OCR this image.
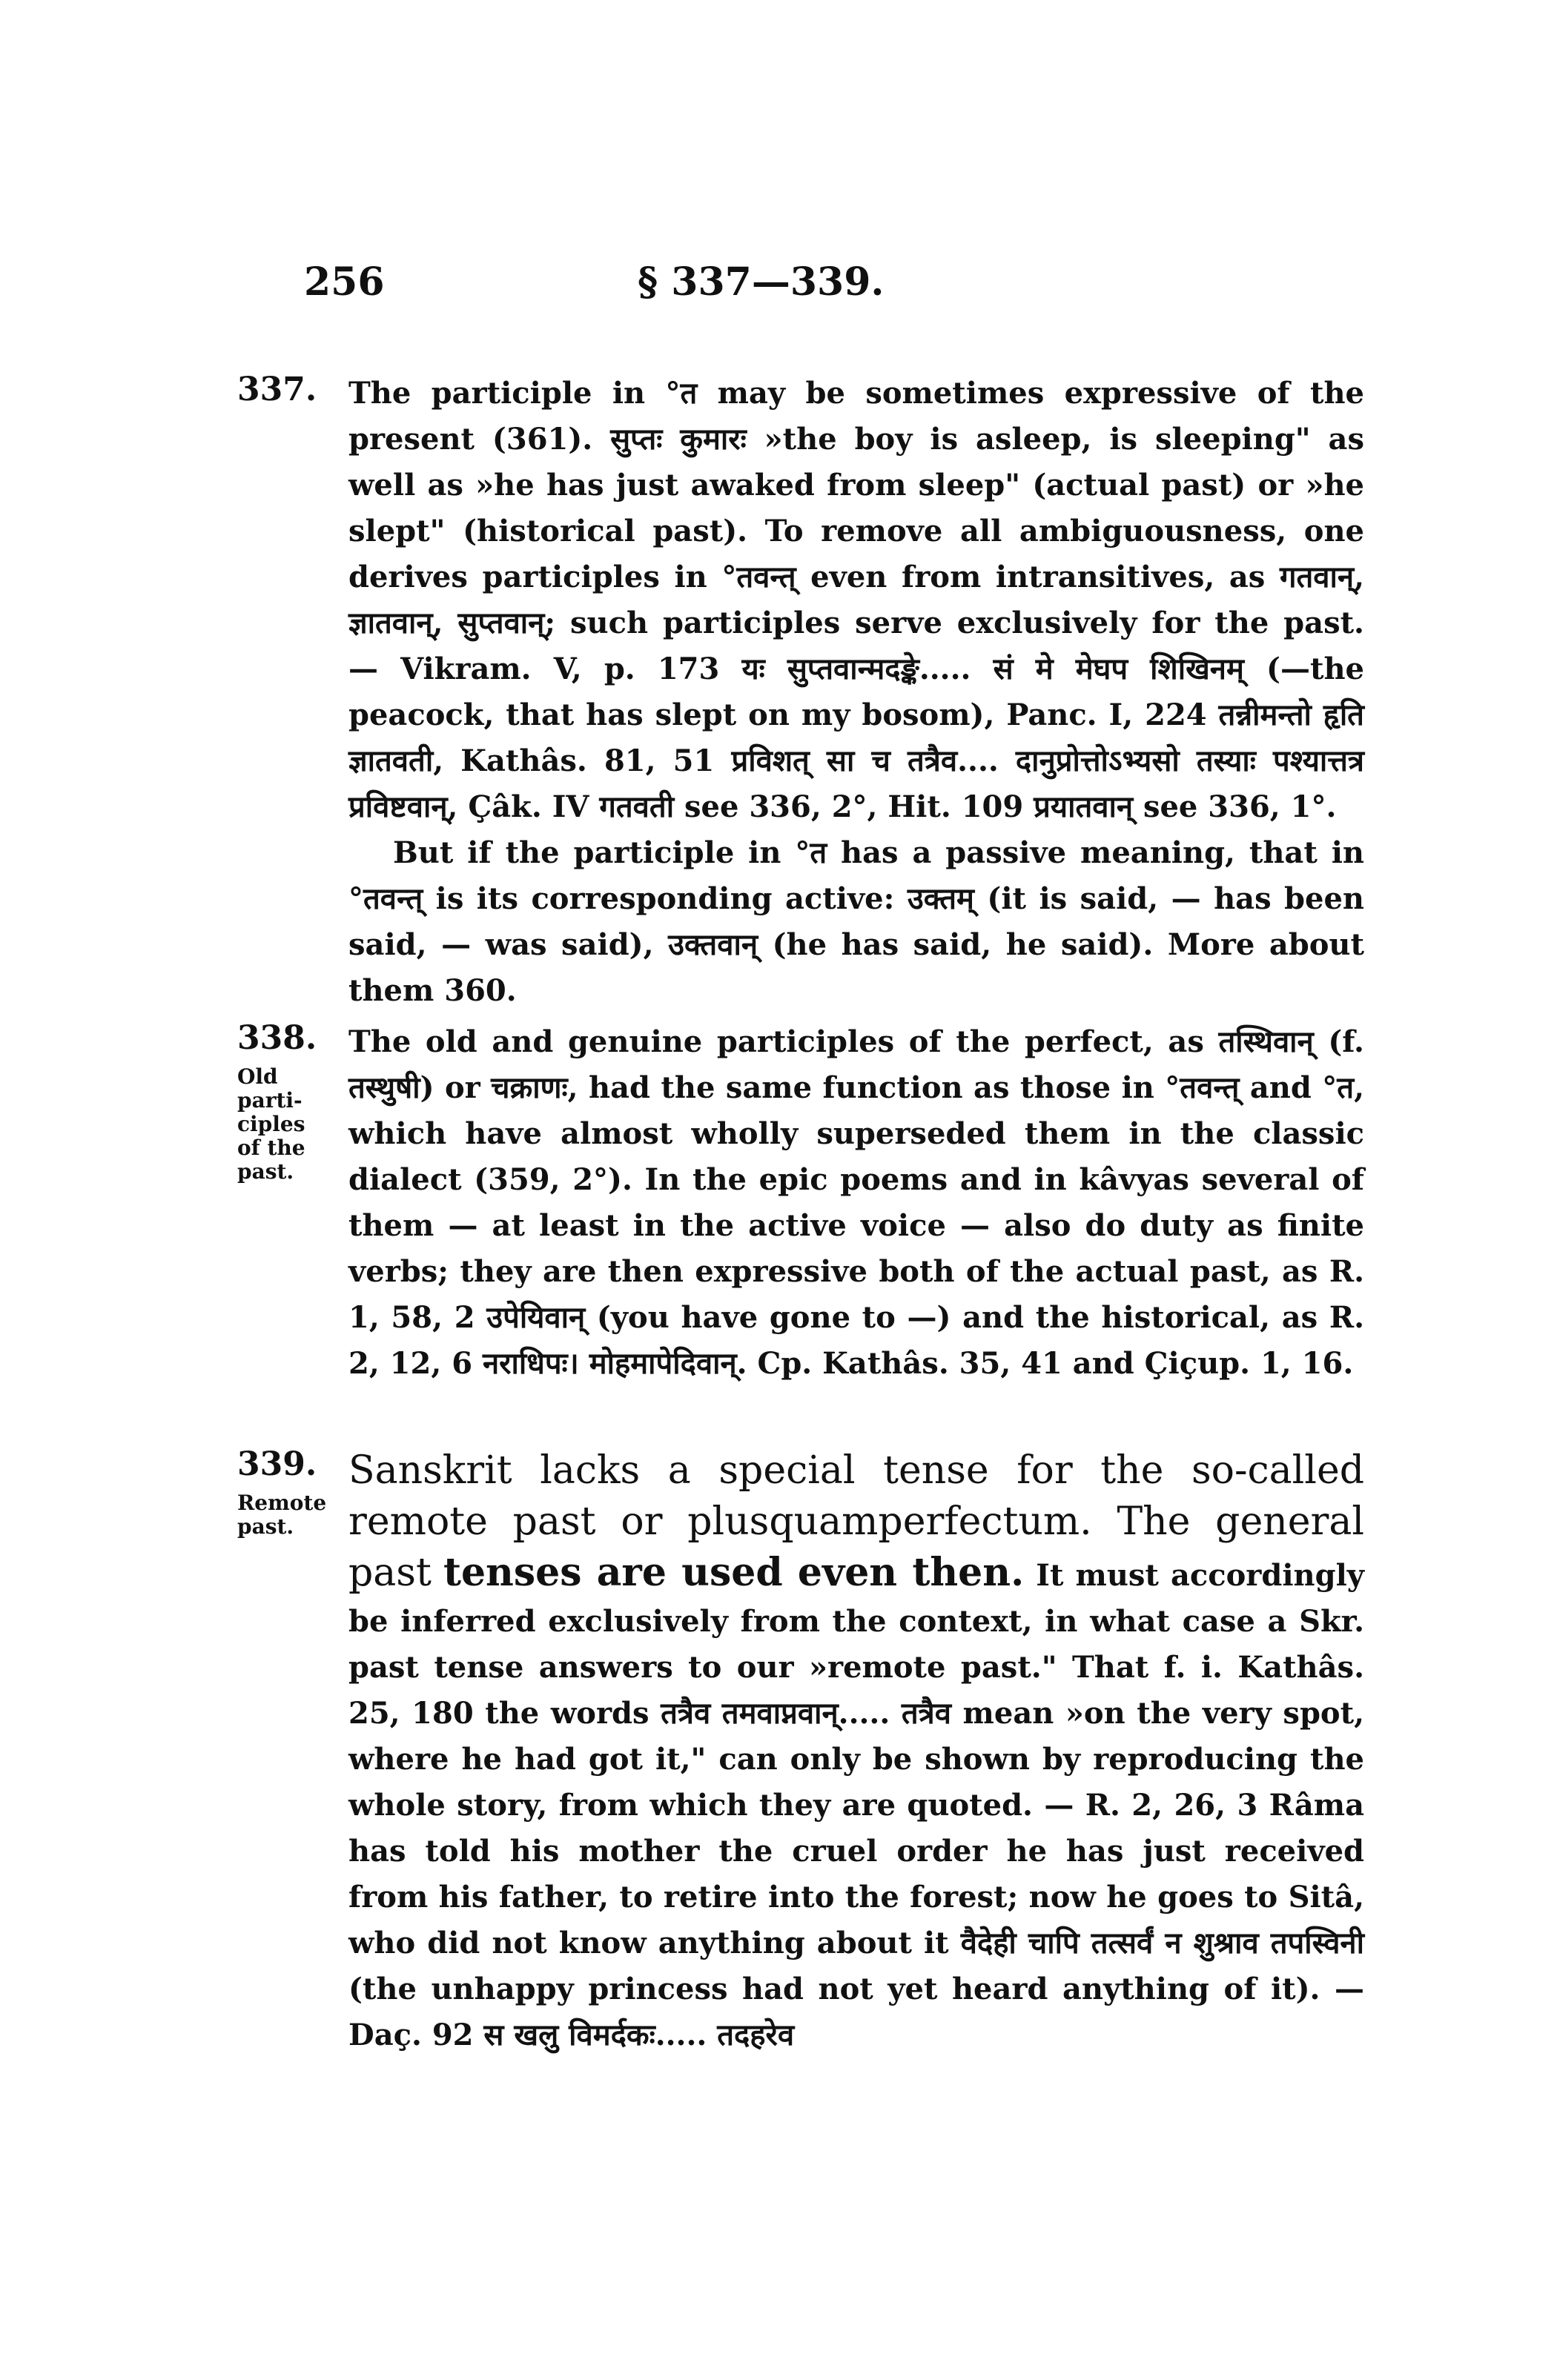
256	§ 337—339.
337. The participle in °त may be sometimes expressive of the present (361). सुप्तः कुमारः »the boy is asleep, is sleeping" as well as »he has just awaked from sleep" (actual past) or »he slept" (historical past). To remove all ambiguousness, one derives participles in °तवन्त् even from intransitives, as गतवान्, ज्ञातवान्, सुप्तवान्; such participles serve exclusively for the past. — Vikram. V, p. 173 यः सुप्तवान्मदङ्के..... सं मे मेघप शिखिनम् (—the peacock, that has slept on my bosom), Panc. I, 224 तन्नीमन्तो हृति ज्ञातवती, Kathâs. 81, 51 प्रविशत् सा च तत्रैव.... दानुप्रोत्तोऽभ्यसो तस्याः पश्यात्तत्र प्रविष्टवान्, Çâk. IV गतवती see 336, 2°, Hit. 109 प्रयातवान् see 336, 1°.

But if the participle in °त has a passive meaning, that in °तवन्त् is its corresponding active: उक्तम् (it is said, — has been said, — was said), उक्तवान् (he has said, he said). More about them 360.

338.
Old
parti-
ciples
of the
past.

The old and genuine participles of the perfect, as तस्थिवान् (f. तस्थुषी) or चक्राणः, had the same function as those in °तवन्त् and °त, which have almost wholly superseded them in the classic dialect (359, 2°). In the epic poems and in kâvyas several of them — at least in the active voice — also do duty as finite verbs; they are then expressive both of the actual past, as R. 1, 58, 2 उपेयिवान् (you have gone to —) and the historical, as R. 2, 12, 6 नराधिपः। मोहमापेदिवान्. Cp. Kathâs. 35, 41 and Çiçup. 1, 16.

339.
Remote
past.

Sanskrit lacks a special tense for the so-called remote past or plusquamperfectum. The general past tenses are used even then. It must accordingly be inferred exclusively from the context, in what case a Skr. past tense answers to our »remote past." That f. i. Kathâs. 25, 180 the words तत्रैव तमवाप्नवान्..... तत्रैव mean »on the very spot, where he had got it," can only be shown by reproducing the whole story, from which they are quoted. — R. 2, 26, 3 Râma has told his mother the cruel order he has just received from his father, to retire into the forest; now he goes to Sitâ, who did not know anything about it वैदेही चापि तत्सर्वं न शुश्राव तपस्विनी (the unhappy princess had not yet heard anything of it). — Daç. 92 स खलु विमर्दकः..... तदहरेव
